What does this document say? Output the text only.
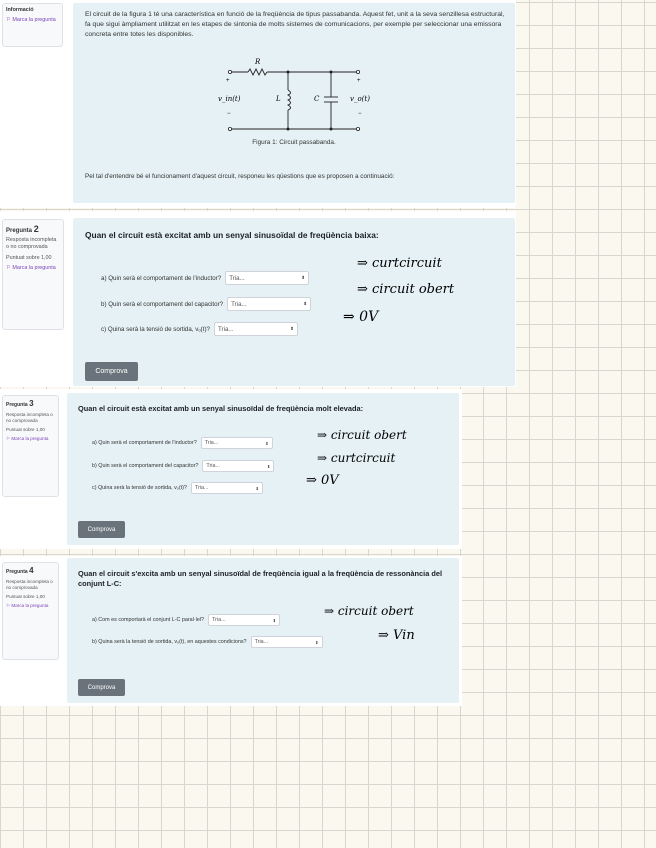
Informació
⚐ Marca la pregunta
El circuit de la figura 1 té una característica en funció de la freqüència de tipus passabanda. Aquest fet, unit a la seva senzillesa estructural, fa que sigui àmpliament utilitzat en les etapes de sintonia de molts sistemes de comunicacions, per exemple per seleccionar una emissora concreta entre totes les disponibles.
R
+
v_in(t)
−
L	C
+
v_o(t)
−
Figura 1: Circuit passabanda.
Pel tal d'entendre bé el funcionament d'aquest circuit, responeu les qüestions que es proposen a continuació:
Pregunta 2
Resposta incompleta o no comprovada
Puntuat sobre 1,00
⚐ Marca la pregunta
Quan el circuit està excitat amb un senyal sinusoïdal de freqüència baixa:
a) Quin serà el comportament de l'inductor? Tria...	⬍
b) Quin serà el comportament del capacitor? Tria...	⬍
c) Quina serà la tensió de sortida, vₒ(t)? Tria...	⬍
Comprova
⇒ curtcircuit
⇒ circuit obert
⇒ 0V
Pregunta 3
Resposta incompleta o no comprovada
Puntuat sobre 1,00
⚐ Marca la pregunta
Quan el circuit està excitat amb un senyal sinusoïdal de freqüència molt elevada:
a) Quin serà el comportament de l'inductor? Tria...	⬍
b) Quin serà el comportament del capacitor? Tria...	⬍
c) Quina serà la tensió de sortida, vₒ(t)? Tria...	⬍
Comprova
⇒ circuit obert
⇒ curtcircuit
⇒ 0V
Pregunta 4
Resposta incompleta o no comprovada
Puntuat sobre 1,00
⚐ Marca la pregunta
Quan el circuit s'excita amb un senyal sinusoïdal de freqüència igual a la freqüència de ressonància del conjunt L-C:
a) Com es comportarà el conjunt L-C paral·lel? Tria...	⬍
b) Quina serà la tensió de sortida, vₒ(t), en aquestes condicions? Tria...	⬍
Comprova
⇒ circuit obert
⇒ Vin
